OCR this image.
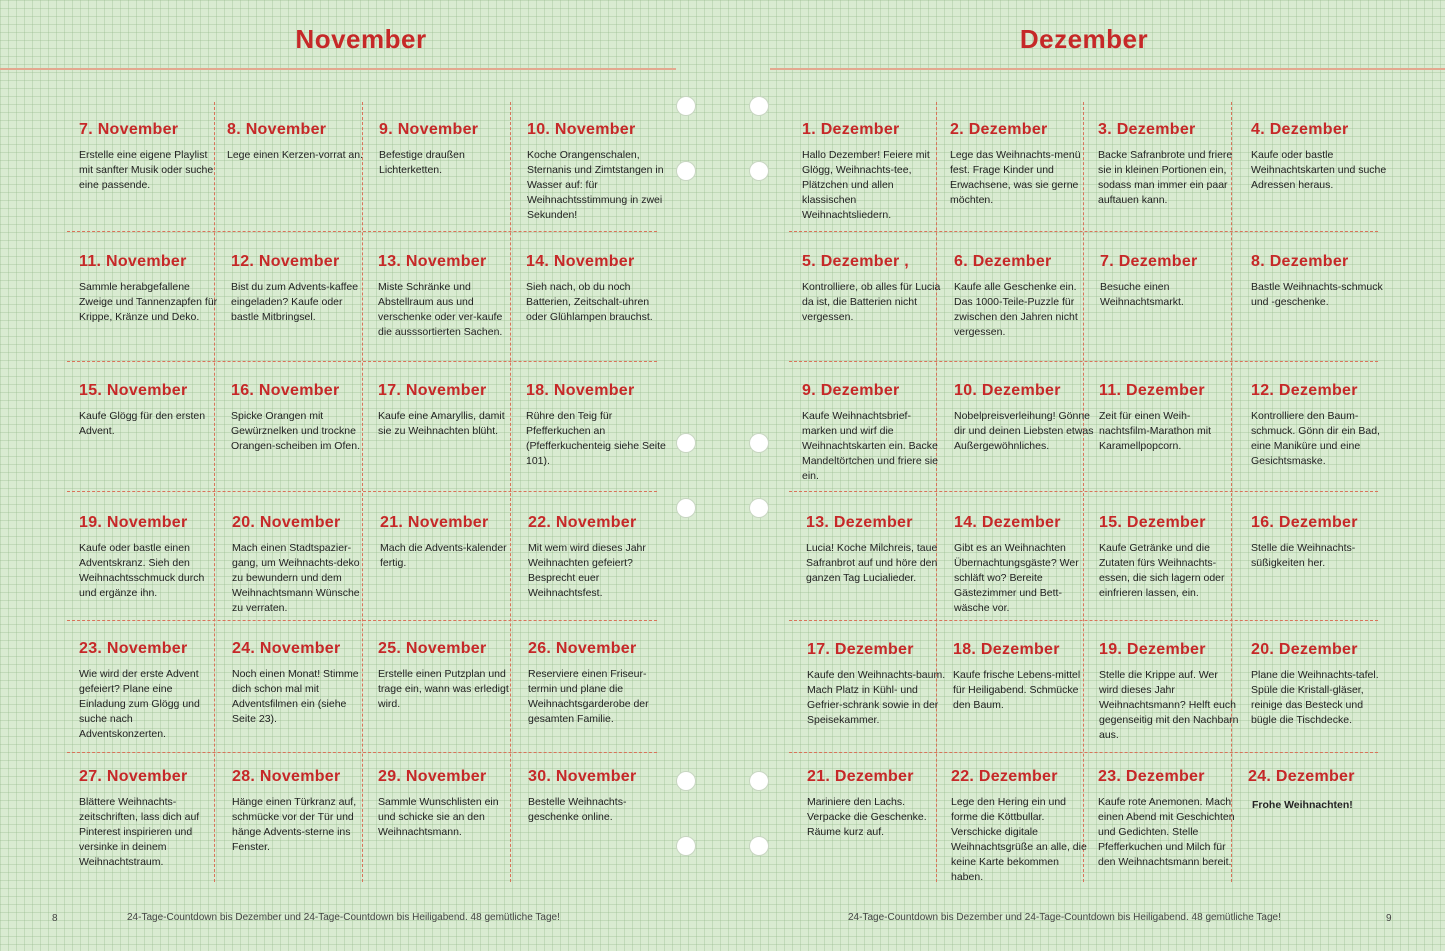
November	Dezember
7. November
Erstelle eine eigene Playlist mit sanfter Musik oder suche eine passende.
8. November
Lege einen Kerzen-vorrat an.
9. November
Befestige draußen Lichterketten.
10. November
Koche Orangenschalen, Sternanis und Zimtstangen in Wasser auf: für Weihnachtsstimmung in zwei Sekunden!
11. November
Sammle herabgefallene Zweige und Tannenzapfen für Krippe, Kränze und Deko.
12. November
Bist du zum Advents-kaffee eingeladen? Kaufe oder bastle Mitbringsel.
13. November
Miste Schränke und Abstellraum aus und verschenke oder ver-kaufe die ausssortierten Sachen.
14. November
Sieh nach, ob du noch Batterien, Zeitschalt-uhren oder Glühlampen brauchst.
15. November
Kaufe Glögg für den ersten Advent.
16. November
Spicke Orangen mit Gewürznelken und trockne Orangen-scheiben im Ofen.
17. November
Kaufe eine Amaryllis, damit sie zu Weihnachten blüht.
18. November
Rühre den Teig für Pfefferkuchen an (Pfefferkuchenteig siehe Seite 101).
19. November
Kaufe oder bastle einen Adventskranz. Sieh den Weihnachtsschmuck durch und ergänze ihn.
20. November
Mach einen Stadtspazier-gang, um Weihnachts-deko zu bewundern und dem Weihnachtsmann Wünsche zu verraten.
21. November
Mach die Advents-kalender fertig.
22. November
Mit wem wird dieses Jahr Weihnachten gefeiert? Besprecht euer Weihnachtsfest.
23. November
Wie wird der erste Advent gefeiert? Plane eine Einladung zum Glögg und suche nach Adventskonzerten.
24. November
Noch einen Monat! Stimme dich schon mal mit Adventsfilmen ein (siehe Seite 23).
25. November
Erstelle einen Putzplan und trage ein, wann was erledigt wird.
26. November
Reserviere einen Friseur-termin und plane die Weihnachtsgarderobe der gesamten Familie.
27. November
Blättere Weihnachts-zeitschriften, lass dich auf Pinterest inspirieren und versinke in deinem Weihnachtstraum.
28. November
Hänge einen Türkranz auf, schmücke vor der Tür und hänge Advents-sterne ins Fenster.
29. November
Sammle Wunschlisten ein und schicke sie an den Weihnachtsmann.
30. November
Bestelle Weihnachts-geschenke online.
1. Dezember
Hallo Dezember! Feiere mit Glögg, Weihnachts-tee, Plätzchen und allen klassischen Weihnachtsliedern.
2. Dezember
Lege das Weihnachts-menü fest. Frage Kinder und Erwachsene, was sie gerne möchten.
3. Dezember
Backe Safranbrote und friere sie in kleinen Portionen ein, sodass man immer ein paar auftauen kann.
4. Dezember
Kaufe oder bastle Weihnachtskarten und suche Adressen heraus.
5. Dezember ,
Kontrolliere, ob alles für Lucia da ist, die Batterien nicht vergessen.
6. Dezember
Kaufe alle Geschenke ein. Das 1000-Teile-Puzzle für zwischen den Jahren nicht vergessen.
7. Dezember
Besuche einen Weihnachtsmarkt.
8. Dezember
Bastle Weihnachts-schmuck und -geschenke.
9. Dezember
Kaufe Weihnachtsbrief-marken und wirf die Weihnachtskarten ein. Backe Mandeltörtchen und friere sie ein.
10. Dezember
Nobelpreisverleihung! Gönne dir und deinen Liebsten etwas Außergewöhnliches.
11. Dezember
Zeit für einen Weih-nachtsfilm-Marathon mit Karamellpopcorn.
12. Dezember
Kontrolliere den Baum-schmuck. Gönn dir ein Bad, eine Maniküre und eine Gesichtsmaske.
13. Dezember
Lucia! Koche Milchreis, taue Safranbrot auf und höre den ganzen Tag Lucialieder.
14. Dezember
Gibt es an Weihnachten Übernachtungsgäste? Wer schläft wo? Bereite Gästezimmer und Bett-wäsche vor.
15. Dezember
Kaufe Getränke und die Zutaten fürs Weihnachts-essen, die sich lagern oder einfrieren lassen, ein.
16. Dezember
Stelle die Weihnachts-süßigkeiten her.
17. Dezember
Kaufe den Weihnachts-baum. Mach Platz in Kühl- und Gefrier-schrank sowie in der Speisekammer.
18. Dezember
Kaufe frische Lebens-mittel für Heiligabend. Schmücke den Baum.
19. Dezember
Stelle die Krippe auf. Wer wird dieses Jahr Weihnachtsmann? Helft euch gegenseitig mit den Nachbarn aus.
20. Dezember
Plane die Weihnachts-tafel. Spüle die Kristall-gläser, reinige das Besteck und bügle die Tischdecke.
21. Dezember
Mariniere den Lachs. Verpacke die Geschenke. Räume kurz auf.
22. Dezember
Lege den Hering ein und forme die Köttbullar. Verschicke digitale Weihnachtsgrüße an alle, die keine Karte bekommen haben.
23. Dezember
Kaufe rote Anemonen. Mach einen Abend mit Geschichten und Gedichten. Stelle Pfefferkuchen und Milch für den Weihnachtsmann bereit.
24. Dezember
Frohe Weihnachten!
8	24-Tage-Countdown bis Dezember und 24-Tage-Countdown bis Heiligabend. 48 gemütliche Tage!	24-Tage-Countdown bis Dezember und 24-Tage-Countdown bis Heiligabend. 48 gemütliche Tage!	9
